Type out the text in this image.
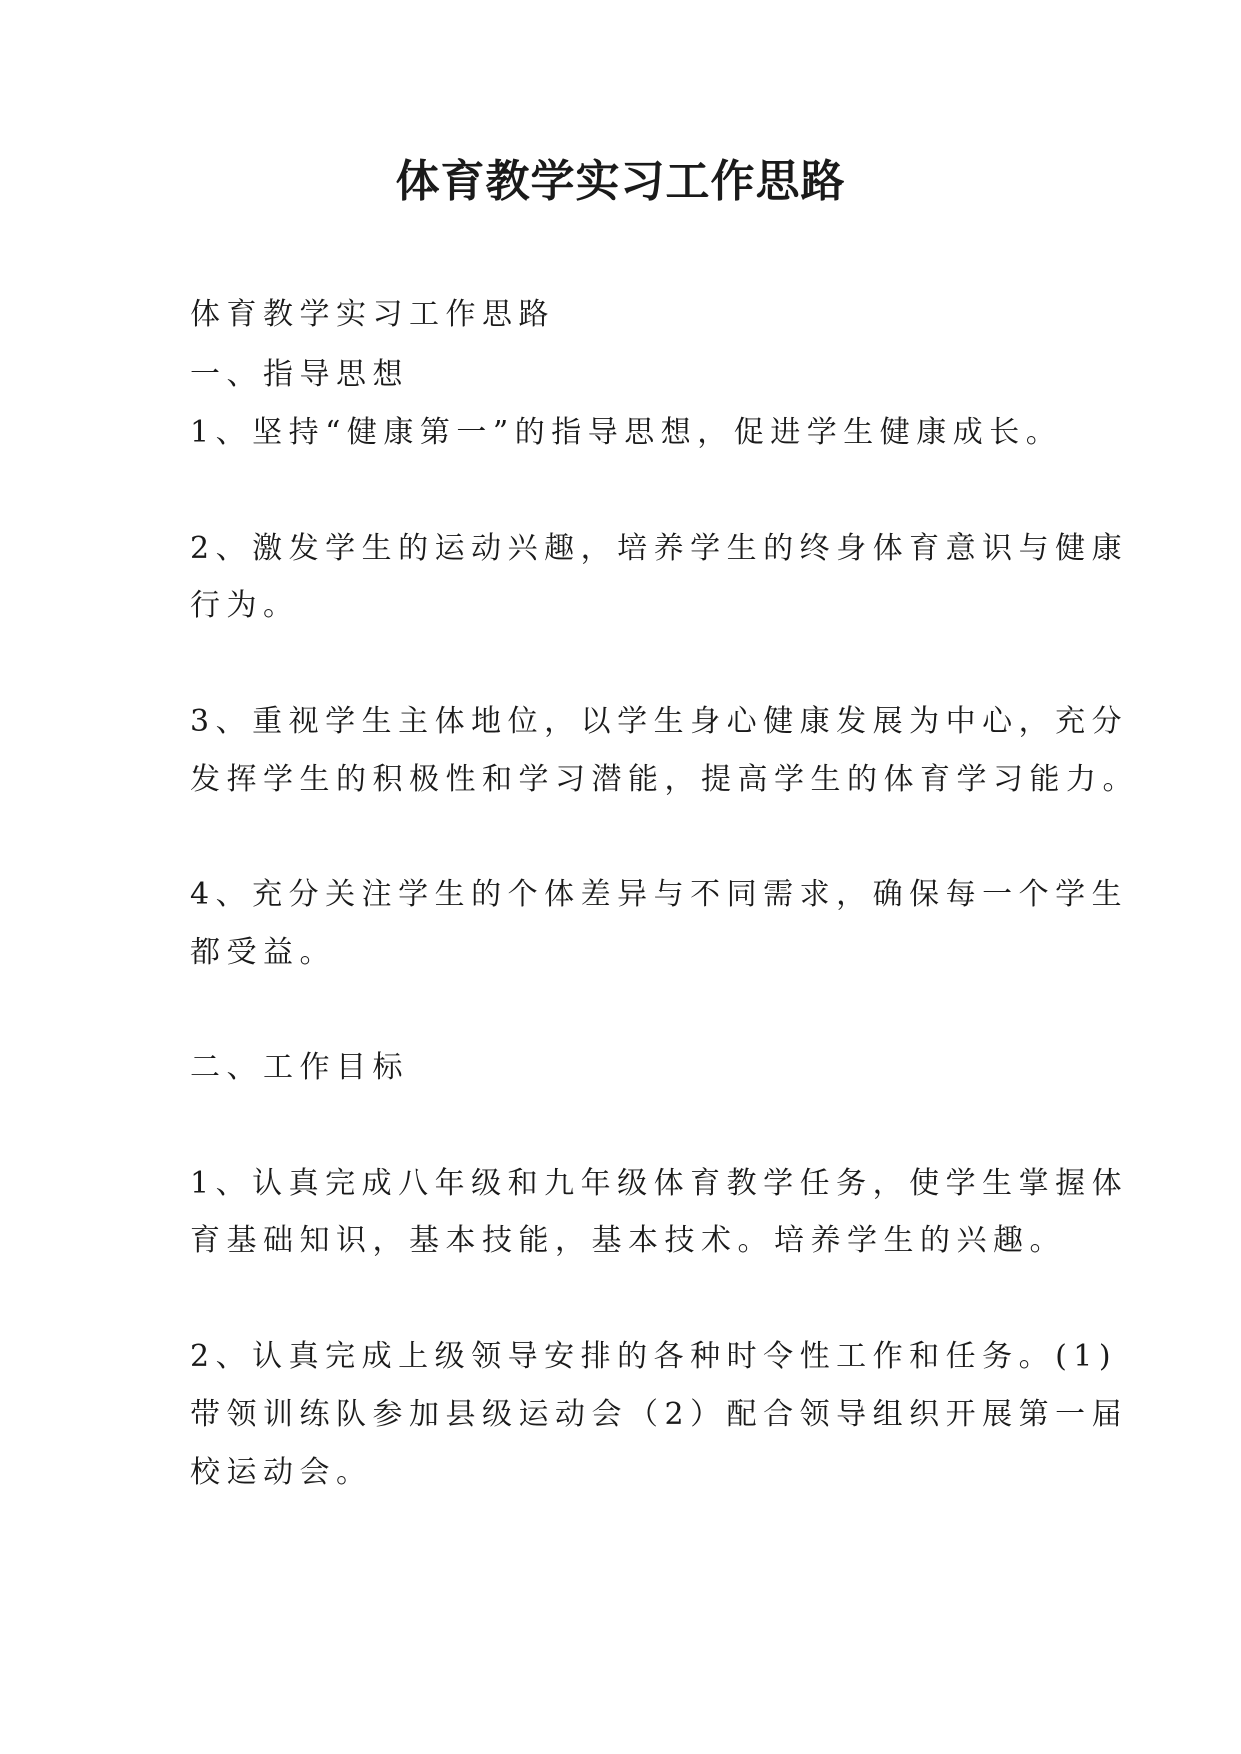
体育教学实习工作思路

体育教学实习工作思路

一、指导思想

1、坚持“健康第一”的指导思想，促进学生健康成长。

2、激发学生的运动兴趣，培养学生的终身体育意识与健康

行为。

3、重视学生主体地位，以学生身心健康发展为中心，充分

发挥学生的积极性和学习潜能，提高学生的体育学习能力。

4、充分关注学生的个体差异与不同需求，确保每一个学生

都受益。

二、工作目标

1、认真完成八年级和九年级体育教学任务，使学生掌握体

育基础知识，基本技能，基本技术。培养学生的兴趣。

2、认真完成上级领导安排的各种时令性工作和任务。(1)

带领训练队参加县级运动会（2）配合领导组织开展第一届

校运动会。
